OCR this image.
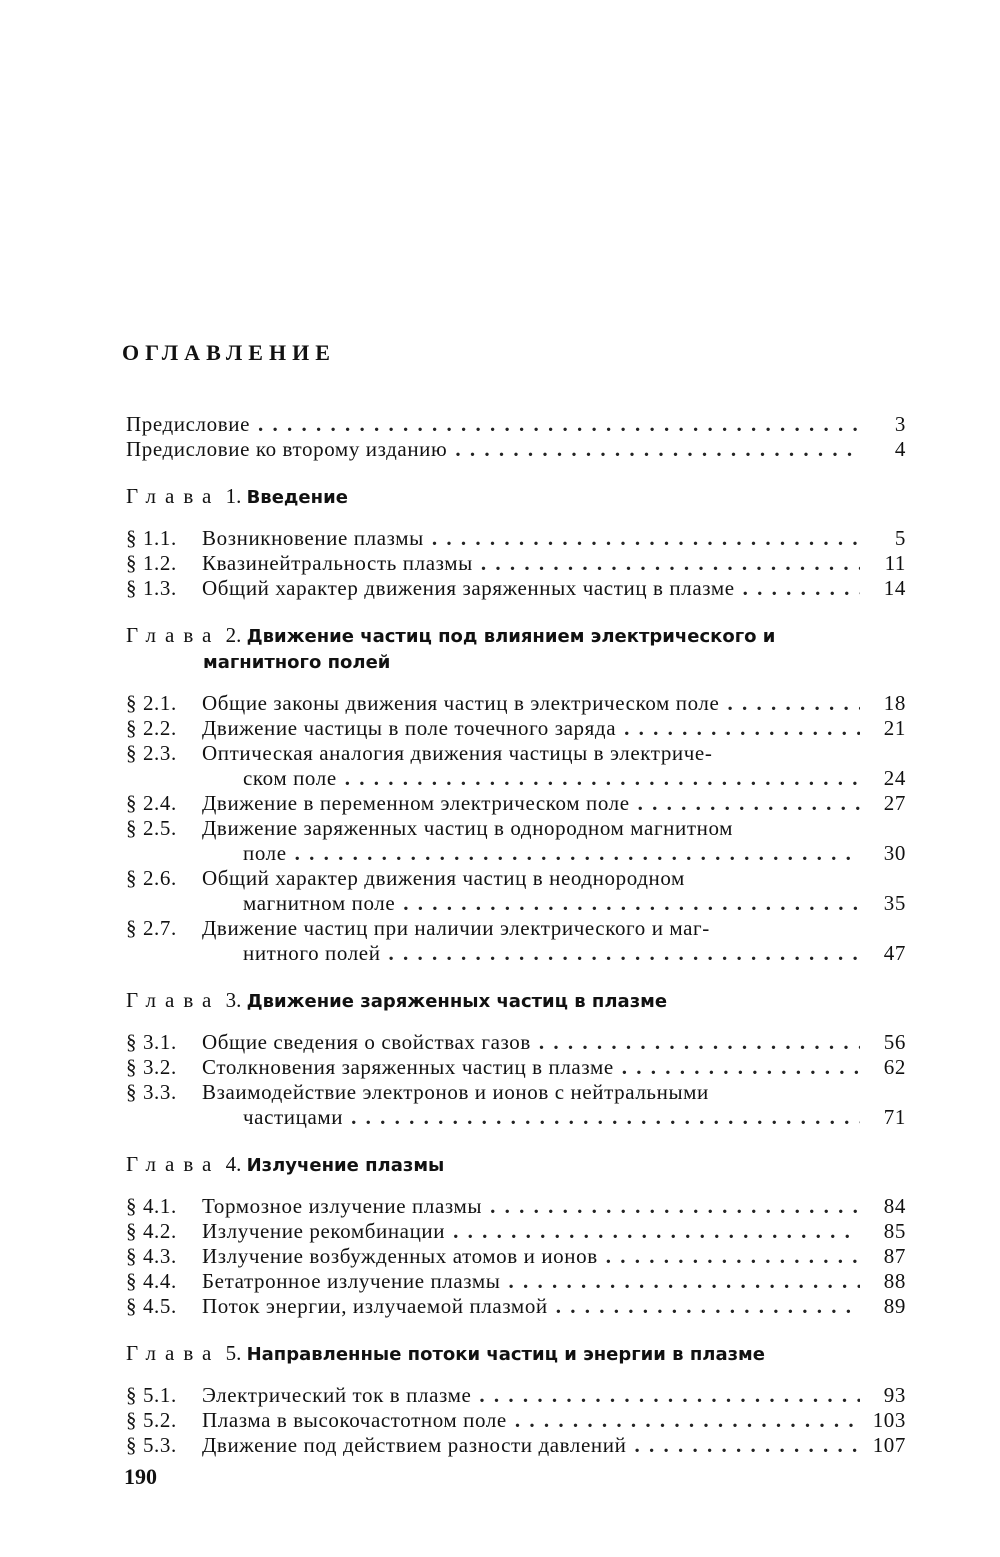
ОГЛАВЛЕНИЕ
Предисловие . . .	3
Предисловие ко второму изданию . . .	4
Глава 1. Введение
§ 1.1.	Возникновение плазмы . . .	5
§ 1.2.	Квазинейтральность плазмы . . .	11
§ 1.3.	Общий характер движения заряженных частиц в плазме . . .	14
Глава 2. Движение частиц под влиянием электрического и
магнитного полей
§ 2.1.	Общие законы движения частиц в электрическом поле . . .	18
§ 2.2.	Движение частицы в поле точечного заряда . . .	21
§ 2.3.	Оптическая аналогия движения частицы в электриче-
ском поле . . .	24
§ 2.4.	Движение в переменном электрическом поле . . .	27
§ 2.5.	Движение заряженных частиц в однородном магнитном
поле . . .	30
§ 2.6.	Общий характер движения частиц в неоднородном
магнитном поле . . .	35
§ 2.7.	Движение частиц при наличии электрического и маг-
нитного полей . . .	47
Глава 3. Движение заряженных частиц в плазме
§ 3.1.	Общие сведения о свойствах газов . . .	56
§ 3.2.	Столкновения заряженных частиц в плазме . . .	62
§ 3.3.	Взаимодействие электронов и ионов с нейтральными
частицами . . .	71
Глава 4. Излучение плазмы
§ 4.1.	Тормозное излучение плазмы . . .	84
§ 4.2.	Излучение рекомбинации . . .	85
§ 4.3.	Излучение возбужденных атомов и ионов . . .	87
§ 4.4.	Бетатронное излучение плазмы . . .	88
§ 4.5.	Поток энергии, излучаемой плазмой . . .	89
Глава 5. Направленные потоки частиц и энергии в плазме
§ 5.1.	Электрический ток в плазме . . .	93
§ 5.2.	Плазма в высокочастотном поле . . .	103
§ 5.3.	Движение под действием разности давлений . . .	107
190
